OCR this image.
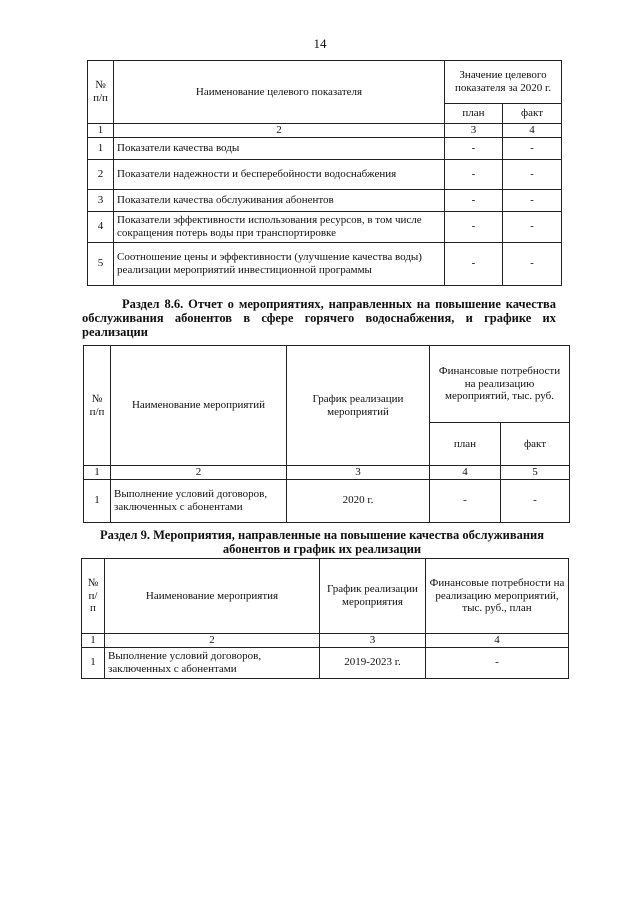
14
№ п/п	Наименование целевого показателя	Значение целевого показателя за 2020 г.	
		план	факт
1	2	3	4
1	Показатели качества воды	-	-
2	Показатели надежности и бесперебойности водоснабжения	-	-
3	Показатели качества обслуживания абонентов	-	-
4	Показатели эффективности использования ресурсов, в том числе сокращения потерь воды при транспортировке	-	-
5	Соотношение цены и эффективности (улучшение качества воды) реализации мероприятий инвестиционной программы	-	-
Раздел 8.6. Отчет о мероприятиях, направленных на повышение качества обслуживания абонентов в сфере горячего водоснабжения, и графике их реализации
№ п/п	Наименование мероприятий	График реализации мероприятий	Финансовые потребности на реализацию мероприятий, тыс. руб.	
			план	факт
1	2	3	4	5
1	Выполнение условий договоров, заключенных с абонентами	2020 г.	-	-
Раздел 9. Мероприятия, направленные на повышение качества обслуживания абонентов и график их реализации
№ п/ п	Наименование мероприятия	График реализации мероприятия	Финансовые потребности на реализацию мероприятий, тыс. руб., план
1	2	3	4
1	Выполнение условий договоров, заключенных с абонентами	2019-2023 г.	-
